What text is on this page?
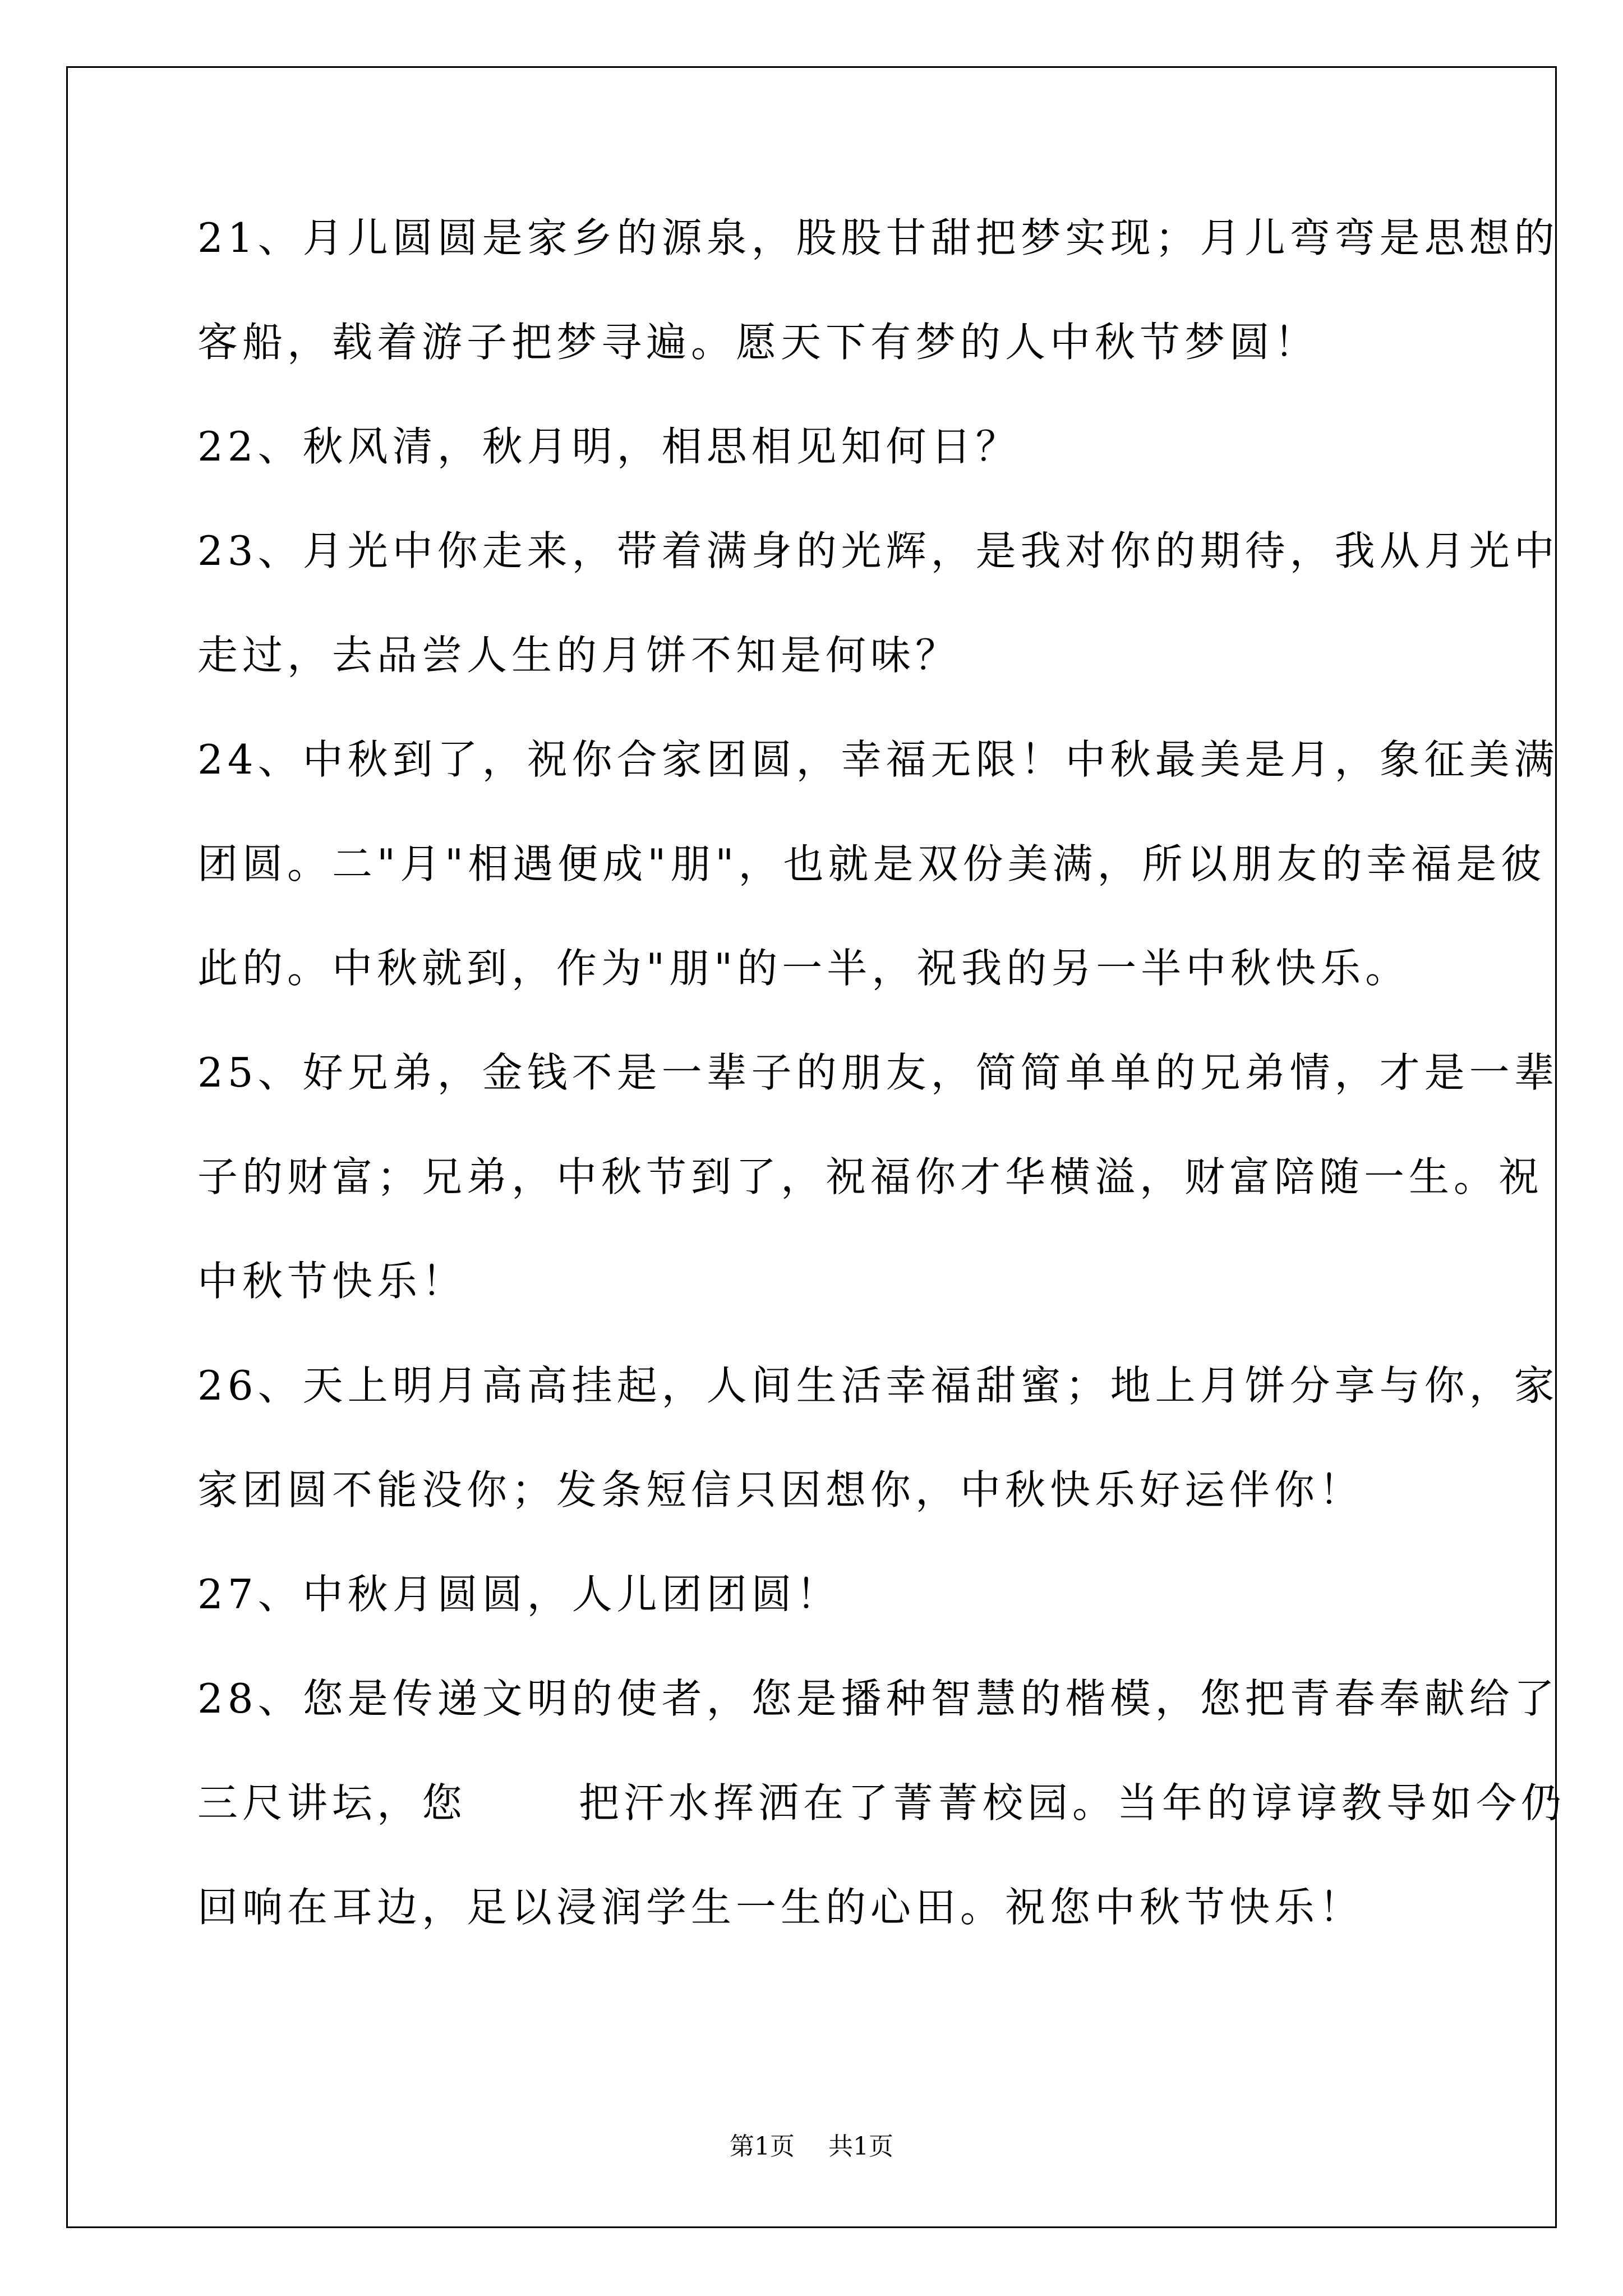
21、月儿圆圆是家乡的源泉，股股甘甜把梦实现；月儿弯弯是思想的
客船，载着游子把梦寻遍。愿天下有梦的人中秋节梦圆！
22、秋风清，秋月明，相思相见知何日？
23、月光中你走来，带着满身的光辉，是我对你的期待，我从月光中
走过，去品尝人生的月饼不知是何味？
24、中秋到了，祝你合家团圆，幸福无限！中秋最美是月，象征美满
团圆。二"月"相遇便成"朋"，也就是双份美满，所以朋友的幸福是彼
此的。中秋就到，作为"朋"的一半，祝我的另一半中秋快乐。
25、好兄弟，金钱不是一辈子的朋友，简简单单的兄弟情，才是一辈
子的财富；兄弟，中秋节到了，祝福你才华横溢，财富陪随一生。祝
中秋节快乐！
26、天上明月高高挂起，人间生活幸福甜蜜；地上月饼分享与你，家
家团圆不能没你；发条短信只因想你，中秋快乐好运伴你！
27、中秋月圆圆，人儿团团圆！
28、您是传递文明的使者，您是播种智慧的楷模，您把青春奉献给了
三尺讲坛，您	把汗水挥洒在了菁菁校园。当年的谆谆教导如今仍
回响在耳边，足以浸润学生一生的心田。祝您中秋节快乐！
第1页 共1页
